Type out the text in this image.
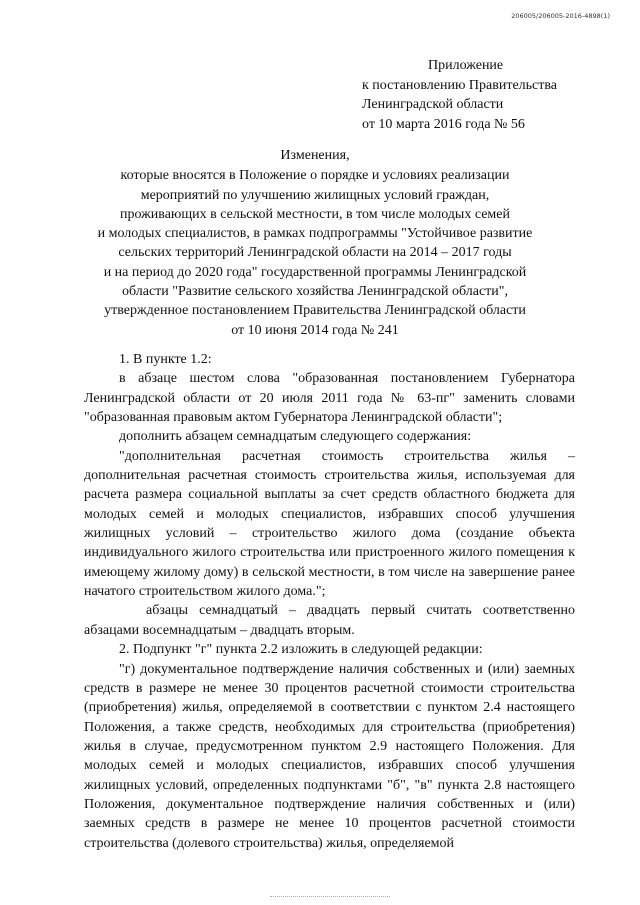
206005/206005-2016-4898(1)
Приложение
к постановлению Правительства
Ленинградской области
от 10 марта 2016 года № 56
Изменения,
которые вносятся в Положение о порядке и условиях реализации
мероприятий по улучшению жилищных условий граждан,
проживающих в сельской местности, в том числе молодых семей
и молодых специалистов, в рамках подпрограммы "Устойчивое развитие
сельских территорий Ленинградской области на 2014 – 2017 годы
и на период до 2020 года" государственной программы Ленинградской
области "Развитие сельского хозяйства Ленинградской области",
утвержденное постановлением Правительства Ленинградской области
от 10 июня 2014 года № 241

1. В пункте 1.2:

в абзаце шестом слова "образованная постановлением Губернатора Ленинградской области от 20 июля 2011 года № 63-пг" заменить словами "образованная правовым актом Губернатора Ленинградской области";

дополнить абзацем семнадцатым следующего содержания:

"дополнительная расчетная стоимость строительства жилья – дополнительная расчетная стоимость строительства жилья, используемая для расчета размера социальной выплаты за счет средств областного бюджета для молодых семей и молодых специалистов, избравших способ улучшения жилищных условий – строительство жилого дома (создание объекта индивидуального жилого строительства или пристроенного жилого помещения к имеющему жилому дому) в сельской местности, в том числе на завершение ранее начатого строительством жилого дома.";

абзацы семнадцатый – двадцать первый считать соответственно абзацами восемнадцатым – двадцать вторым.

2. Подпункт "г" пункта 2.2 изложить в следующей редакции:

"г) документальное подтверждение наличия собственных и (или) заемных средств в размере не менее 30 процентов расчетной стоимости строительства (приобретения) жилья, определяемой в соответствии с пунктом 2.4 настоящего Положения, а также средств, необходимых для строительства (приобретения) жилья в случае, предусмотренном пунктом 2.9 настоящего Положения. Для молодых семей и молодых специалистов, избравших способ улучшения жилищных условий, определенных подпунктами "б", "в" пункта 2.8 настоящего Положения, документальное подтверждение наличия собственных и (или) заемных средств в размере не менее 10 процентов расчетной стоимости строительства (долевого строительства) жилья, определяемой
